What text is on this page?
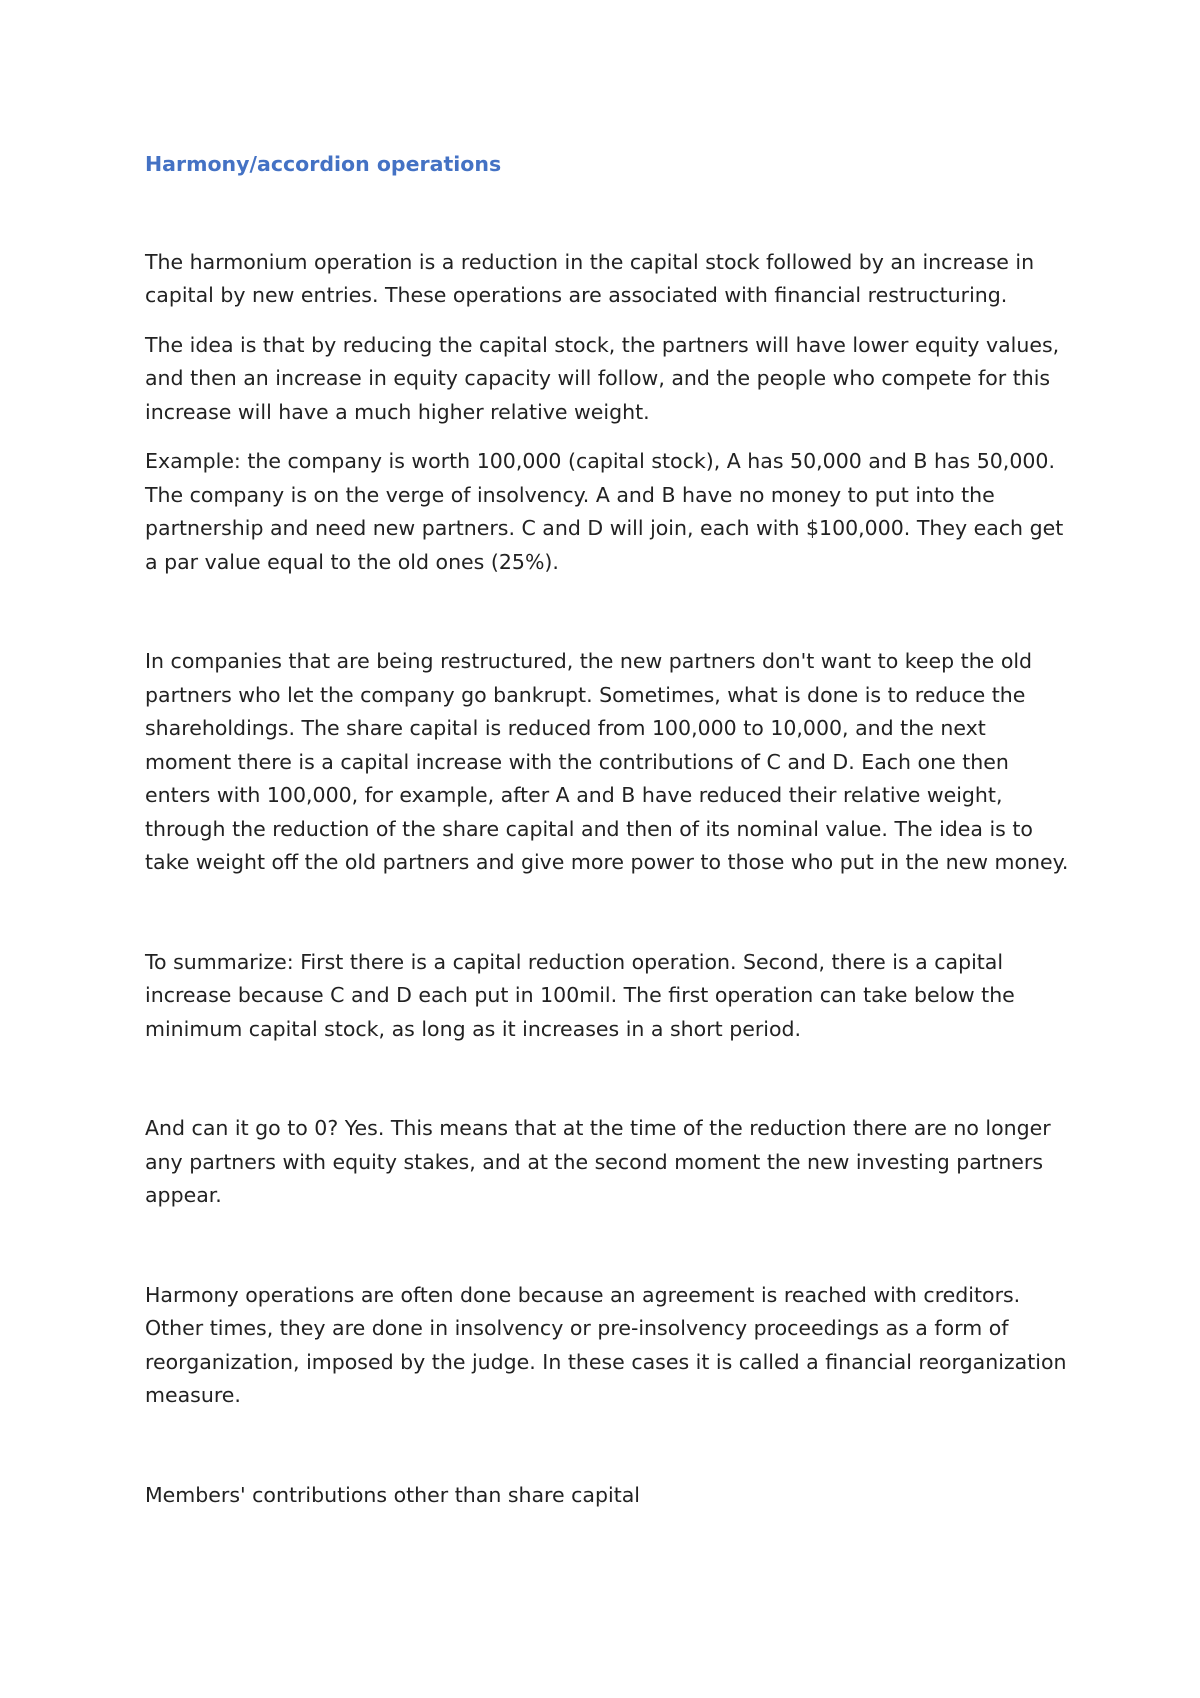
Harmony/accordion operations

The harmonium operation is a reduction in the capital stock followed by an increase in capital by new entries. These operations are associated with financial restructuring.

The idea is that by reducing the capital stock, the partners will have lower equity values, and then an increase in equity capacity will follow, and the people who compete for this increase will have a much higher relative weight.

Example: the company is worth 100,000 (capital stock), A has 50,000 and B has 50,000. The company is on the verge of insolvency. A and B have no money to put into the partnership and need new partners. C and D will join, each with $100,000. They each get a par value equal to the old ones (25%).

In companies that are being restructured, the new partners don't want to keep the old partners who let the company go bankrupt. Sometimes, what is done is to reduce the shareholdings. The share capital is reduced from 100,000 to 10,000, and the next moment there is a capital increase with the contributions of C and D. Each one then enters with 100,000, for example, after A and B have reduced their relative weight, through the reduction of the share capital and then of its nominal value. The idea is to take weight off the old partners and give more power to those who put in the new money.

To summarize: First there is a capital reduction operation. Second, there is a capital increase because C and D each put in 100mil. The first operation can take below the minimum capital stock, as long as it increases in a short period.

And can it go to 0? Yes. This means that at the time of the reduction there are no longer any partners with equity stakes, and at the second moment the new investing partners appear.

Harmony operations are often done because an agreement is reached with creditors. Other times, they are done in insolvency or pre-insolvency proceedings as a form of reorganization, imposed by the judge. In these cases it is called a financial reorganization measure.

Members' contributions other than share capital
